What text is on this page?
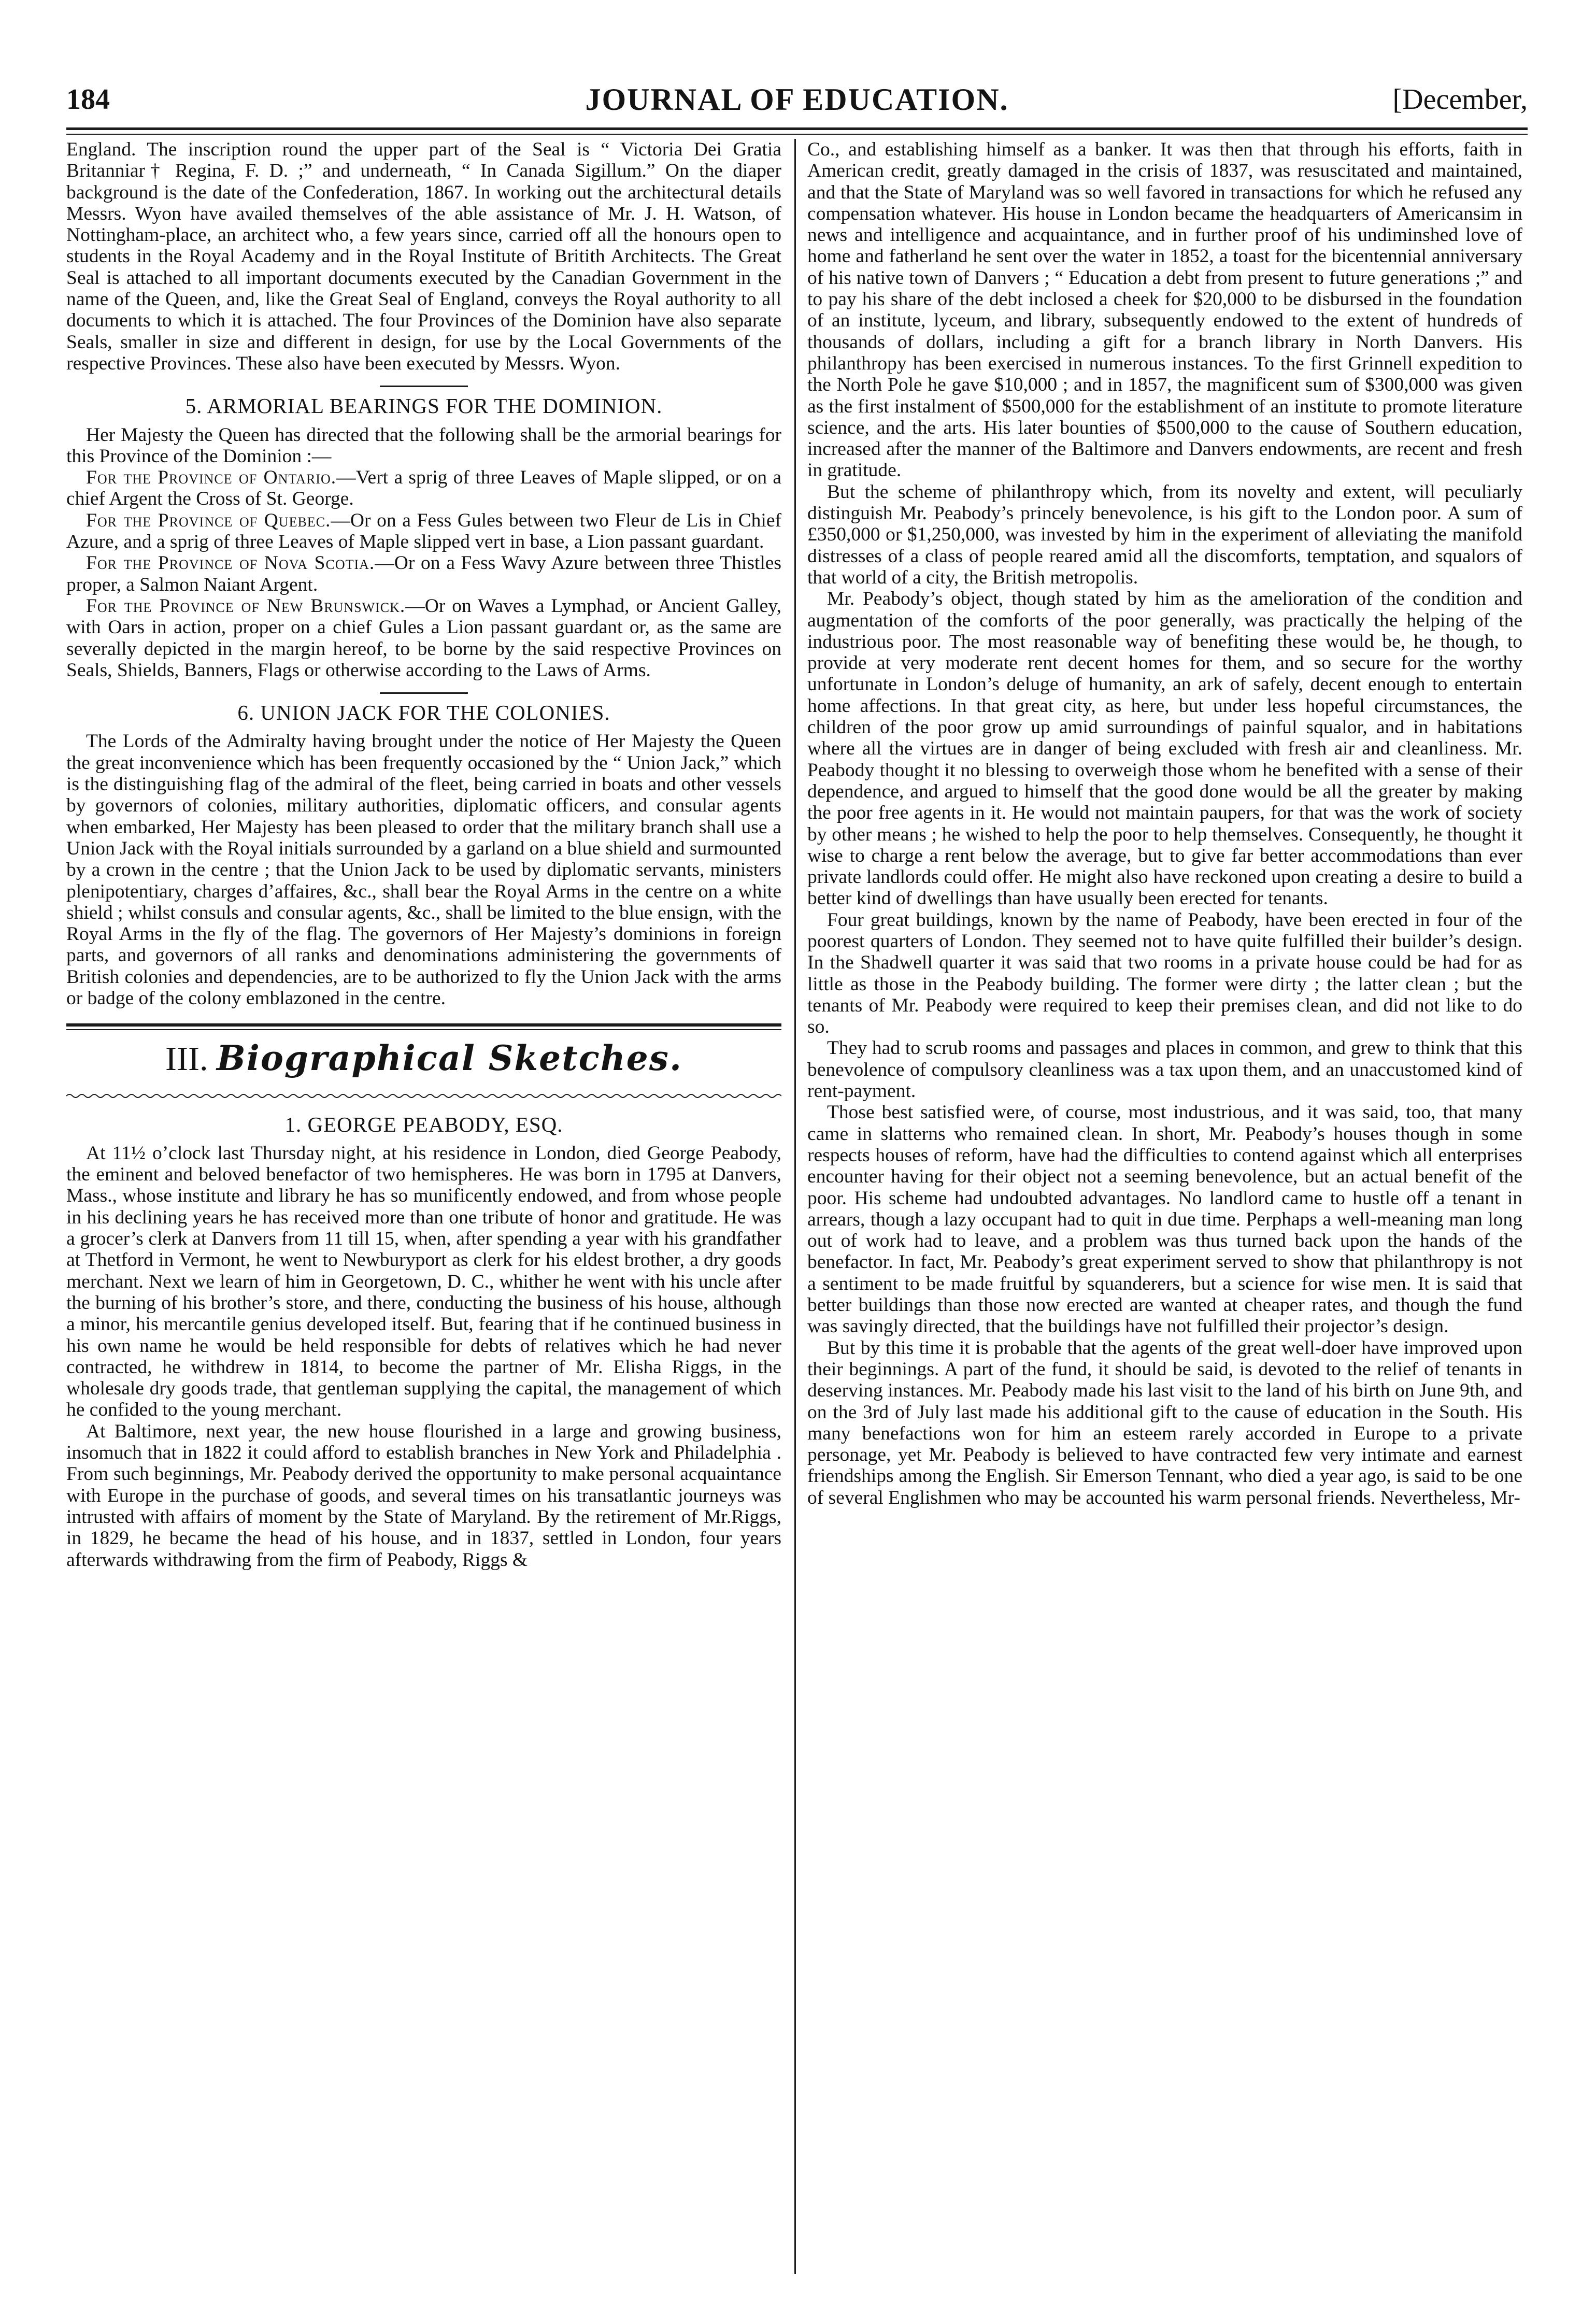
184	JOURNAL OF EDUCATION.	[December,

England. The inscription round the upper part of the Seal is “ Victoria Dei Gratia Britanniar† Regina, F. D. ;” and underneath, “ In Canada Sigillum.” On the diaper background is the date of the Confederation, 1867. In working out the architectural details Messrs. Wyon have availed themselves of the able assistance of Mr. J. H. Watson, of Nottingham-place, an architect who, a few years since, carried off all the honours open to students in the Royal Academy and in the Royal Institute of Britith Architects. The Great Seal is attached to all important documents executed by the Canadian Government in the name of the Queen, and, like the Great Seal of England, conveys the Royal authority to all documents to which it is attached. The four Provinces of the Dominion have also separate Seals, smaller in size and different in design, for use by the Local Governments of the respective Provinces. These also have been executed by Messrs. Wyon.

5. ARMORIAL BEARINGS FOR THE DOMINION.

Her Majesty the Queen has directed that the following shall be the armorial bearings for this Province of the Dominion :—

For the Province of Ontario.—Vert a sprig of three Leaves of Maple slipped, or on a chief Argent the Cross of St. George.

For the Province of Quebec.—Or on a Fess Gules between two Fleur de Lis in Chief Azure, and a sprig of three Leaves of Maple slipped vert in base, a Lion passant guardant.

For the Province of Nova Scotia.—Or on a Fess Wavy Azure between three Thistles proper, a Salmon Naiant Argent.

For the Province of New Brunswick.—Or on Waves a Lymphad, or Ancient Galley, with Oars in action, proper on a chief Gules a Lion passant guardant or, as the same are severally depicted in the margin hereof, to be borne by the said respective Provinces on Seals, Shields, Banners, Flags or otherwise according to the Laws of Arms.

6. UNION JACK FOR THE COLONIES.

The Lords of the Admiralty having brought under the notice of Her Majesty the Queen the great inconvenience which has been frequently occasioned by the “ Union Jack,” which is the distinguishing flag of the admiral of the fleet, being carried in boats and other vessels by governors of colonies, military authorities, diplomatic officers, and consular agents when embarked, Her Majesty has been pleased to order that the military branch shall use a Union Jack with the Royal initials surrounded by a garland on a blue shield and surmounted by a crown in the centre ; that the Union Jack to be used by diplomatic servants, ministers plenipotentiary, charges d’affaires, &c., shall bear the Royal Arms in the centre on a white shield ; whilst consuls and consular agents, &c., shall be limited to the blue ensign, with the Royal Arms in the fly of the flag. The governors of Her Majesty’s dominions in foreign parts, and governors of all ranks and denominations administering the governments of British colonies and dependencies, are to be authorized to fly the Union Jack with the arms or badge of the colony emblazoned in the centre.

III. Biographical Sketches.
1. GEORGE PEABODY, ESQ.

At 11½ o’clock last Thursday night, at his residence in London, died George Peabody, the eminent and beloved benefactor of two hemispheres. He was born in 1795 at Danvers, Mass., whose institute and library he has so munificently endowed, and from whose people in his declining years he has received more than one tribute of honor and gratitude. He was a grocer’s clerk at Danvers from 11 till 15, when, after spending a year with his grandfather at Thetford in Vermont, he went to Newburyport as clerk for his eldest brother, a dry goods merchant. Next we learn of him in Georgetown, D. C., whither he went with his uncle after the burning of his brother’s store, and there, conducting the business of his house, although a minor, his mercantile genius developed itself. But, fearing that if he continued business in his own name he would be held responsible for debts of relatives which he had never contracted, he withdrew in 1814, to become the partner of Mr. Elisha Riggs, in the wholesale dry goods trade, that gentleman supplying the capital, the management of which he confided to the young merchant.

At Baltimore, next year, the new house flourished in a large and growing business, insomuch that in 1822 it could afford to establish branches in New York and Philadelphia . From such beginnings, Mr. Peabody derived the opportunity to make personal acquaintance with Europe in the purchase of goods, and several times on his transatlantic journeys was intrusted with affairs of moment by the State of Maryland. By the retirement of Mr.Riggs, in 1829, he became the head of his house, and in 1837, settled in London, four years afterwards withdrawing from the firm of Peabody, Riggs &

Co., and establishing himself as a banker. It was then that through his efforts, faith in American credit, greatly damaged in the crisis of 1837, was resuscitated and maintained, and that the State of Maryland was so well favored in transactions for which he refused any compensation whatever. His house in London became the headquarters of Americansim in news and intelligence and acquaintance, and in further proof of his undiminshed love of home and fatherland he sent over the water in 1852, a toast for the bicentennial anniversary of his native town of Danvers ; “ Education a debt from present to future generations ;” and to pay his share of the debt inclosed a cheek for $20,000 to be disbursed in the foundation of an institute, lyceum, and library, subsequently endowed to the extent of hundreds of thousands of dollars, including a gift for a branch library in North Danvers. His philanthropy has been exercised in numerous instances. To the first Grinnell expedition to the North Pole he gave $10,000 ; and in 1857, the magnificent sum of $300,000 was given as the first instalment of $500,000 for the establishment of an institute to promote literature science, and the arts. His later bounties of $500,000 to the cause of Southern education, increased after the manner of the Baltimore and Danvers endowments, are recent and fresh in gratitude.

But the scheme of philanthropy which, from its novelty and extent, will peculiarly distinguish Mr. Peabody’s princely benevolence, is his gift to the London poor. A sum of £350,000 or $1,250,000, was invested by him in the experiment of alleviating the manifold distresses of a class of people reared amid all the discomforts, temptation, and squalors of that world of a city, the British metropolis.

Mr. Peabody’s object, though stated by him as the amelioration of the condition and augmentation of the comforts of the poor generally, was practically the helping of the industrious poor. The most reasonable way of benefiting these would be, he though, to provide at very moderate rent decent homes for them, and so secure for the worthy unfortunate in London’s deluge of humanity, an ark of safely, decent enough to entertain home affections. In that great city, as here, but under less hopeful circumstances, the children of the poor grow up amid surroundings of painful squalor, and in habitations where all the virtues are in danger of being excluded with fresh air and cleanliness. Mr. Peabody thought it no blessing to overweigh those whom he benefited with a sense of their dependence, and argued to himself that the good done would be all the greater by making the poor free agents in it. He would not maintain paupers, for that was the work of society by other means ; he wished to help the poor to help themselves. Consequently, he thought it wise to charge a rent below the average, but to give far better accommodations than ever private landlords could offer. He might also have reckoned upon creating a desire to build a better kind of dwellings than have usually been erected for tenants.

Four great buildings, known by the name of Peabody, have been erected in four of the poorest quarters of London. They seemed not to have quite fulfilled their builder’s design. In the Shadwell quarter it was said that two rooms in a private house could be had for as little as those in the Peabody building. The former were dirty ; the latter clean ; but the tenants of Mr. Peabody were required to keep their premises clean, and did not like to do so.

They had to scrub rooms and passages and places in common, and grew to think that this benevolence of compulsory cleanliness was a tax upon them, and an unaccustomed kind of rent-payment.

Those best satisfied were, of course, most industrious, and it was said, too, that many came in slatterns who remained clean. In short, Mr. Peabody’s houses though in some respects houses of reform, have had the difficulties to contend against which all enterprises encounter having for their object not a seeming benevolence, but an actual benefit of the poor. His scheme had undoubted advantages. No landlord came to hustle off a tenant in arrears, though a lazy occupant had to quit in due time. Perphaps a well-meaning man long out of work had to leave, and a problem was thus turned back upon the hands of the benefactor. In fact, Mr. Peabody’s great experiment served to show that philanthropy is not a sentiment to be made fruitful by squanderers, but a science for wise men. It is said that better buildings than those now erected are wanted at cheaper rates, and though the fund was savingly directed, that the buildings have not fulfilled their projector’s design.

But by this time it is probable that the agents of the great well-doer have improved upon their beginnings. A part of the fund, it should be said, is devoted to the relief of tenants in deserving instances. Mr. Peabody made his last visit to the land of his birth on June 9th, and on the 3rd of July last made his additional gift to the cause of education in the South. His many benefactions won for him an esteem rarely accorded in Europe to a private personage, yet Mr. Peabody is believed to have contracted few very intimate and earnest friendships among the English. Sir Emerson Tennant, who died a year ago, is said to be one of several Englishmen who may be accounted his warm personal friends. Nevertheless, Mr-
